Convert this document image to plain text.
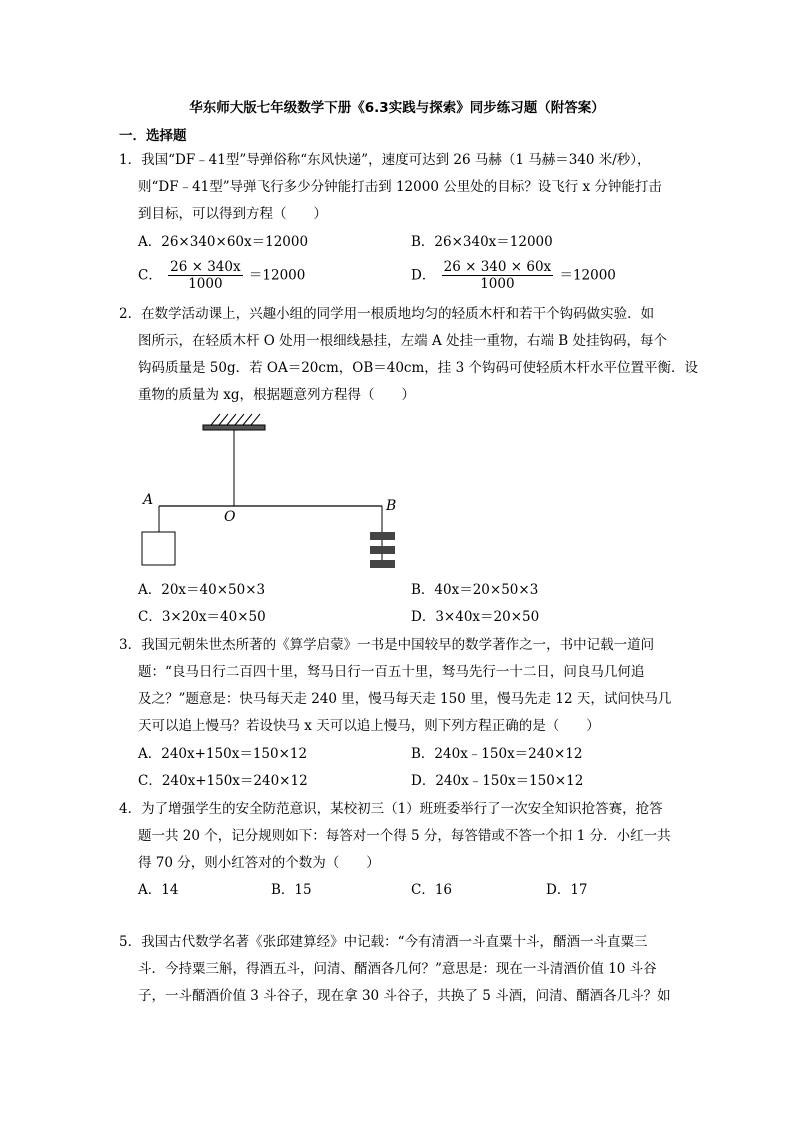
华东师大版七年级数学下册《6.3实践与探索》同步练习题（附答案）
一．选择题
1．我国“DF﹣41型”导弹俗称“东风快递”，速度可达到 26 马赫（1 马赫＝340 米/秒），
则“DF﹣41型”导弹飞行多少分钟能打击到 12000 公里处的目标？设飞行 x 分钟能打击
到目标，可以得到方程（　　）
A．26×340×60x＝12000	B．26×340x＝12000
C． $\frac{26 \times 340x}{1000} =12000$	D． $\frac{26 \times 340 \times 60x}{1000} =12000$
2．在数学活动课上，兴趣小组的同学用一根质地均匀的轻质木杆和若干个钩码做实验．如
图所示，在轻质木杆 O 处用一根细线悬挂，左端 A 处挂一重物，右端 B 处挂钩码，每个
钩码质量是 50g．若 OA＝20cm，OB＝40cm，挂 3 个钩码可使轻质木杆水平位置平衡．设
重物的质量为 xg，根据题意列方程得（　　）
A
O
B
A．20x＝40×50×3	B．40x＝20×50×3
C．3×20x＝40×50	D．3×40x＝20×50
3．我国元朝朱世杰所著的《算学启蒙》一书是中国较早的数学著作之一，书中记载一道问
题：“良马日行二百四十里，驽马日行一百五十里，驽马先行一十二日，问良马几何追
及之？”题意是：快马每天走 240 里，慢马每天走 150 里，慢马先走 12 天，试问快马几
天可以追上慢马？若设快马 x 天可以追上慢马，则下列方程正确的是（　　）
A．240x+150x＝150×12	B．240x﹣150x＝240×12
C．240x+150x＝240×12	D．240x﹣150x＝150×12
4．为了增强学生的安全防范意识，某校初三（1）班班委举行了一次安全知识抢答赛，抢答
题一共 20 个，记分规则如下：每答对一个得 5 分，每答错或不答一个扣 1 分．小红一共
得 70 分，则小红答对的个数为（　　）
A．14	B．15	C．16	D．17
5．我国古代数学名著《张邱建算经》中记载：“今有清酒一斗直粟十斗，醑酒一斗直粟三
斗．今持粟三斛，得酒五斗，问清、醑酒各几何？”意思是：现在一斗清酒价值 10 斗谷
子，一斗醑酒价值 3 斗谷子，现在拿 30 斗谷子，共换了 5 斗酒，问清、醑酒各几斗？如
